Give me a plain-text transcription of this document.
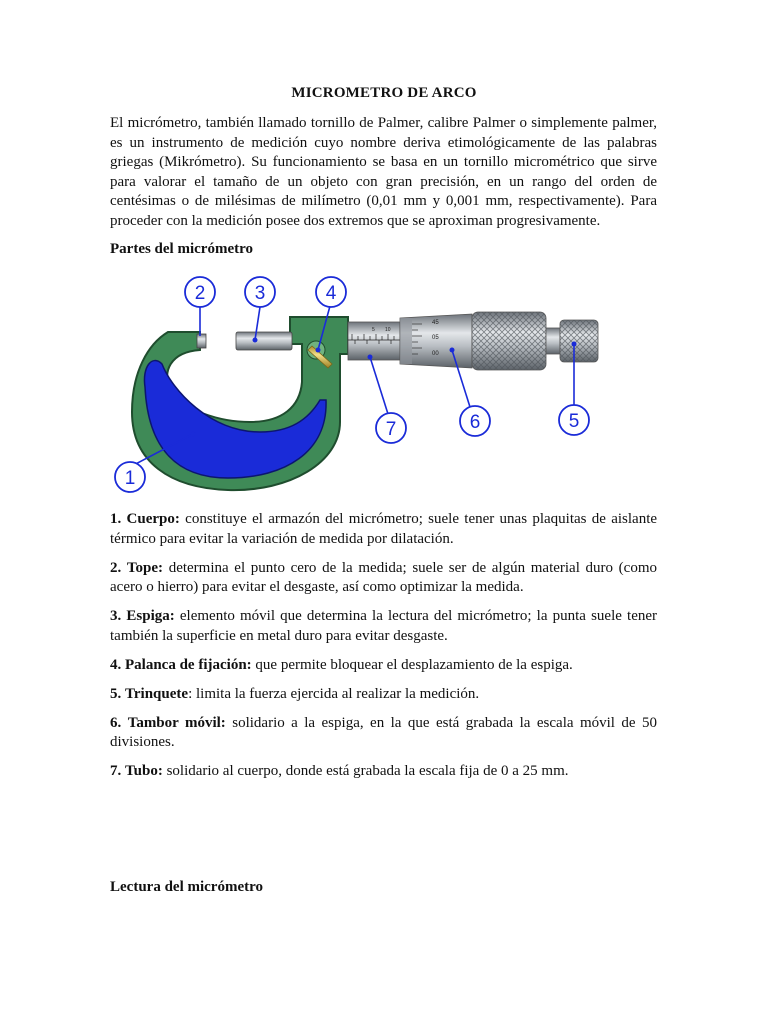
MICROMETRO DE ARCO

El micrómetro, también llamado tornillo de Palmer, calibre Palmer o simplemente palmer, es un instrumento de medición cuyo nombre deriva etimológicamente de las palabras griegas (Mikrómetro). Su funcionamiento se basa en un tornillo micrométrico que sirve para valorar el tamaño de un objeto con gran precisión, en un rango del orden de centésimas o de milésimas de milímetro (0,01 mm y 0,001 mm, respectivamente). Para proceder con la medición posee dos extremos que se aproximan progresivamente.

Partes del micrómetro
5 10
45
05
00
1
2	3	4
5
6
7
1. Cuerpo: constituye el armazón del micrómetro; suele tener unas plaquitas de aislante térmico para evitar la variación de medida por dilatación.
2. Tope: determina el punto cero de la medida; suele ser de algún material duro (como acero o hierro) para evitar el desgaste, así como optimizar la medida.
3. Espiga: elemento móvil que determina la lectura del micrómetro; la punta suele tener también la superficie en metal duro para evitar desgaste.
4. Palanca de fijación: que permite bloquear el desplazamiento de la espiga.
5. Trinquete: limita la fuerza ejercida al realizar la medición.
6. Tambor móvil: solidario a la espiga, en la que está grabada la escala móvil de 50 divisiones.
7. Tubo: solidario al cuerpo, donde está grabada la escala fija de 0 a 25 mm.
Lectura del micrómetro
